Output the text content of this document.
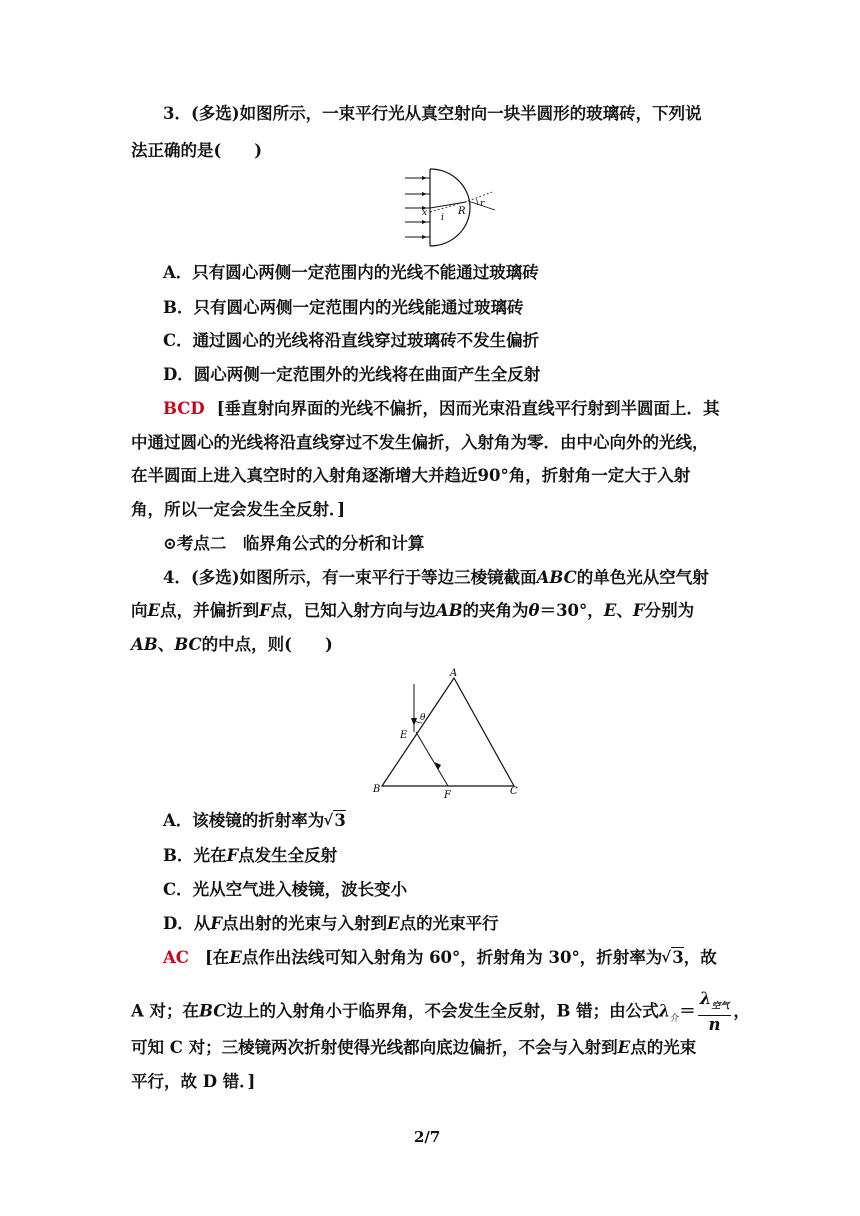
3．(多选)如图所示，一束平行光从真空射向一块半圆形的玻璃砖，下列说
法正确的是(　　)
x i
R
r
A．只有圆心两侧一定范围内的光线不能通过玻璃砖
B．只有圆心两侧一定范围内的光线能通过玻璃砖
C．通过圆心的光线将沿直线穿过玻璃砖不发生偏折
D．圆心两侧一定范围外的光线将在曲面产生全反射
BCD [垂直射向界面的光线不偏折，因而光束沿直线平行射到半圆面上．其
中通过圆心的光线将沿直线穿过不发生偏折，入射角为零．由中心向外的光线，
在半圆面上进入真空时的入射角逐渐增大并趋近90°角，折射角一定大于入射
角，所以一定会发生全反射．]
⊙考点二　临界角公式的分析和计算
4．(多选)如图所示，有一束平行于等边三棱镜截面ABC的单色光从空气射
向E点，并偏折到F点，已知入射方向与边AB的夹角为θ＝30°，E、F分别为
AB、BC的中点，则(　　)
θ
A
E
B
F	C
A．该棱镜的折射率为 √ 3
B．光在F点发生全反射
C．光从空气进入棱镜，波长变小
D．从F点出射的光束与入射到E点的光束平行
AC [在E点作出法线可知入射角为 60°，折射角为 30°，折射率为 √ 3，故
A 对；在BC边上的入射角小于临界角，不会发生全反射，B 错；由公式$\lambda_介= \frac{\lambda_{空气}}{n}$ ，
可知 C 对；三棱镜两次折射使得光线都向底边偏折，不会与入射到E点的光束
平行，故 D 错．]
2/7
